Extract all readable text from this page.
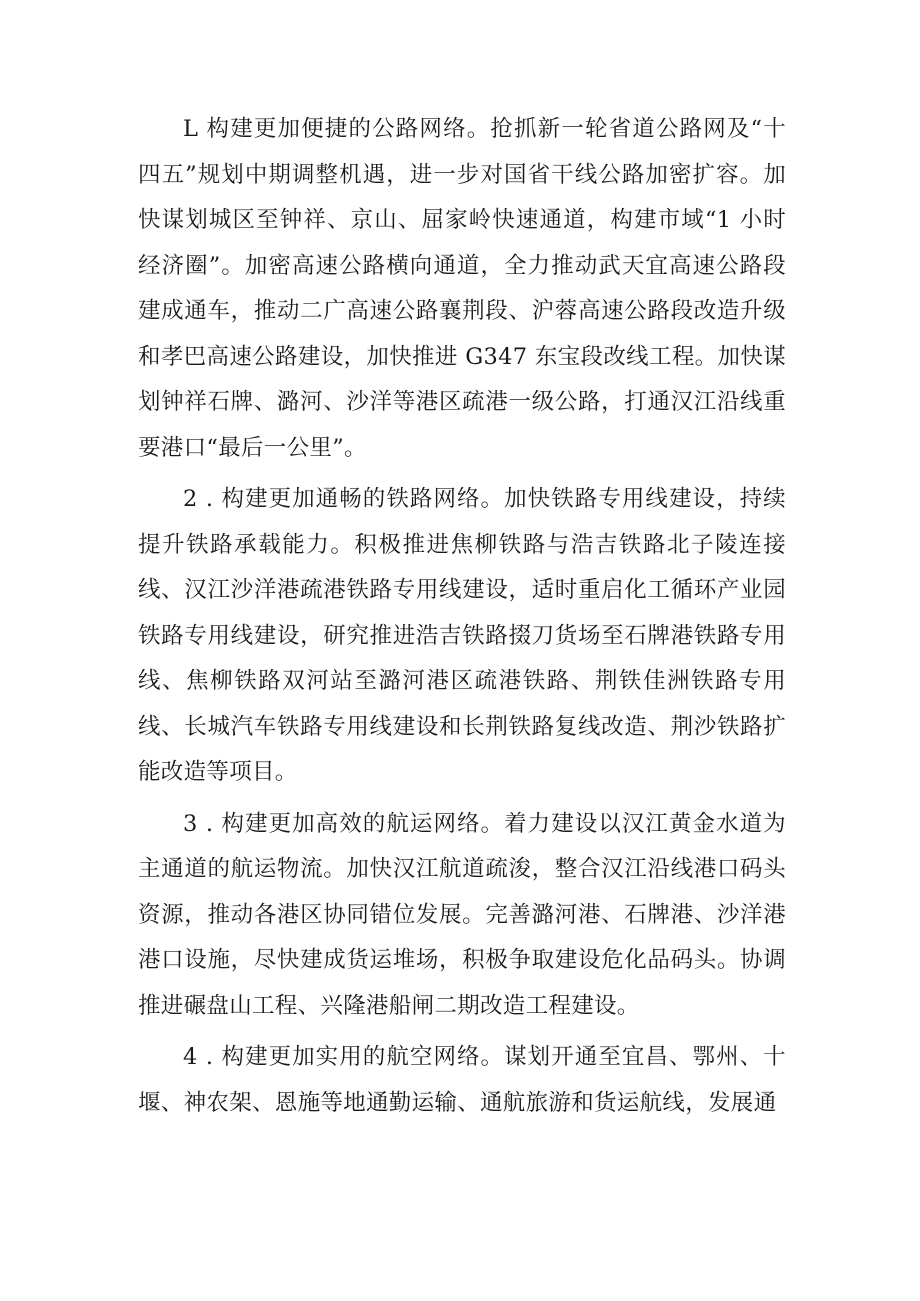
L 构建更加便捷的公路网络。抢抓新一轮省道公路网及“十四五”规划中期调整机遇，进一步对国省干线公路加密扩容。加快谋划城区至钟祥、京山、屈家岭快速通道，构建市域“1 小时经济圈”。加密高速公路横向通道，全力推动武天宜高速公路段建成通车，推动二广高速公路襄荆段、沪蓉高速公路段改造升级和孝巴高速公路建设，加快推进 G347 东宝段改线工程。加快谋划钟祥石牌、潞河、沙洋等港区疏港一级公路，打通汉江沿线重要港口“最后一公里”。

2 . 构建更加通畅的铁路网络。加快铁路专用线建设，持续提升铁路承载能力。积极推进焦柳铁路与浩吉铁路北子陵连接线、汉江沙洋港疏港铁路专用线建设，适时重启化工循环产业园铁路专用线建设，研究推进浩吉铁路掇刀货场至石牌港铁路专用线、焦柳铁路双河站至潞河港区疏港铁路、荆铁佳洲铁路专用线、长城汽车铁路专用线建设和长荆铁路复线改造、荆沙铁路扩能改造等项目。

3 . 构建更加高效的航运网络。着力建设以汉江黄金水道为主通道的航运物流。加快汉江航道疏浚，整合汉江沿线港口码头资源，推动各港区协同错位发展。完善潞河港、石牌港、沙洋港港口设施，尽快建成货运堆场，积极争取建设危化品码头。协调推进碾盘山工程、兴隆港船闸二期改造工程建设。

4 . 构建更加实用的航空网络。谋划开通至宜昌、鄂州、十堰、神农架、恩施等地通勤运输、通航旅游和货运航线，发展通
